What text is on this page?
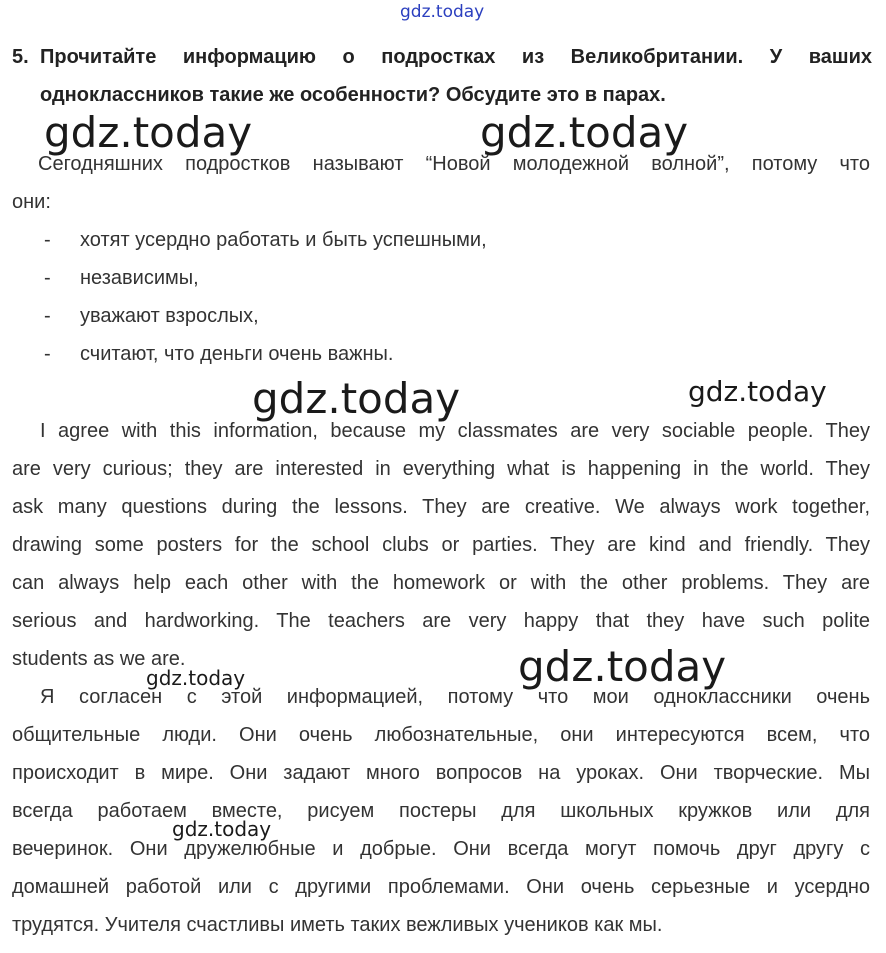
gdz.today
gdz.today	gdz.today
gdz.today	gdz.today
gdz.today	gdz.today
gdz.today
5. Прочитайте информацию о подростках из Великобритании. У ваших
одноклассников такие же особенности? Обсудите это в парах.
Сегодняшних подростков называют “Новой молодежной волной”, потому что
они:
-	хотят усердно работать и быть успешными,
-	независимы,
-	уважают взрослых,
-	считают, что деньги очень важны.
I agree with this information, because my classmates are very sociable people. They
are very curious; they are interested in everything what is happening in the world. They
ask many questions during the lessons. They are creative. We always work together,
drawing some posters for the school clubs or parties. They are kind and friendly. They
can always help each other with the homework or with the other problems. They are
serious and hardworking. The teachers are very happy that they have such polite
students as we are.
Я согласен с этой информацией, потому что мои одноклассники очень
общительные люди. Они очень любознательные, они интересуются всем, что
происходит в мире. Они задают много вопросов на уроках. Они творческие. Мы
всегда работаем вместе, рисуем постеры для школьных кружков или для
вечеринок. Они дружелюбные и добрые. Они всегда могут помочь друг другу с
домашней работой или с другими проблемами. Они очень серьезные и усердно
трудятся. Учителя счастливы иметь таких вежливых учеников как мы.
